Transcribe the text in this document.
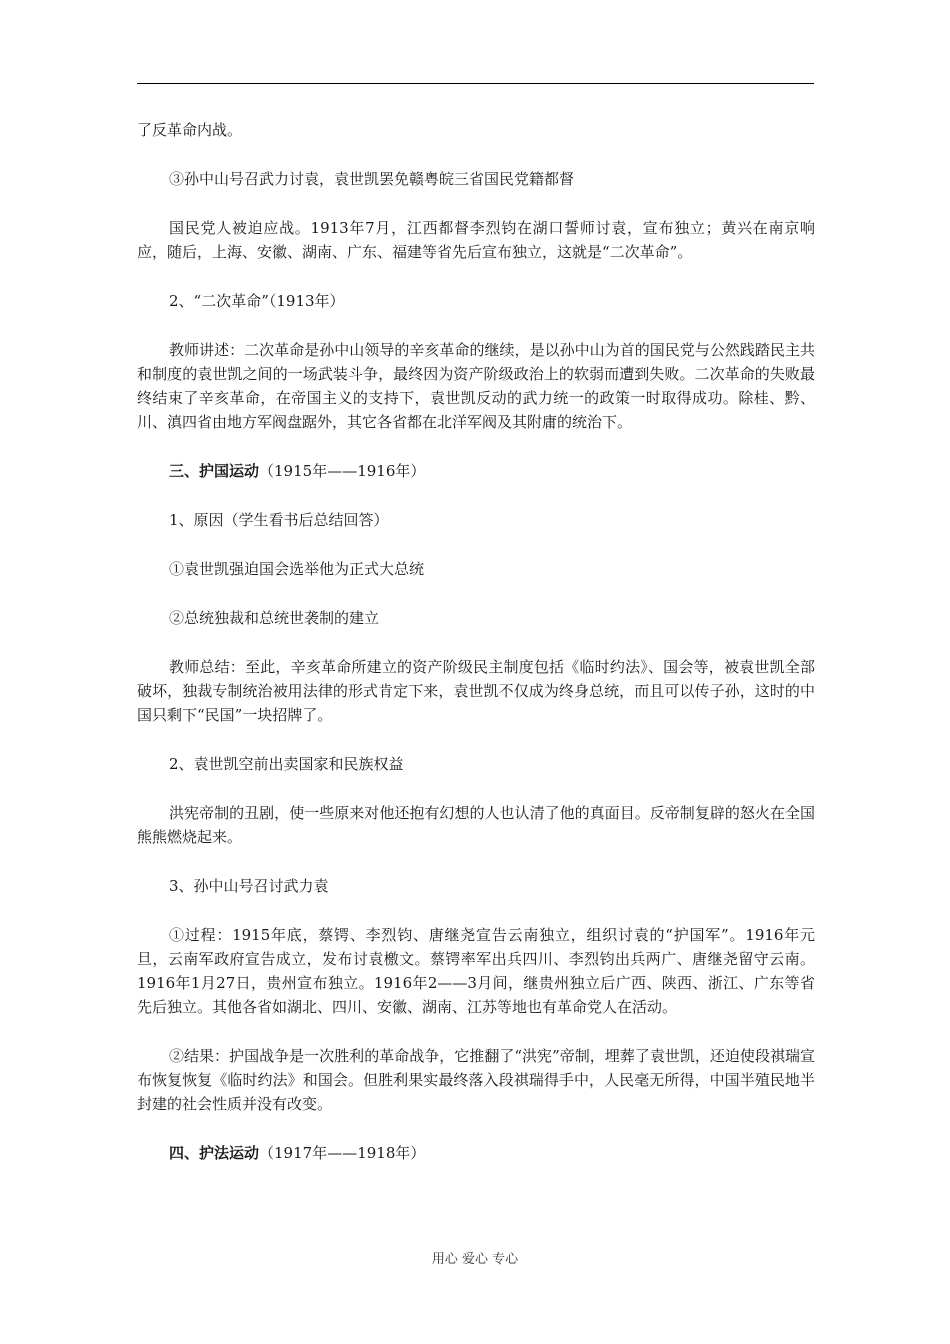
了反革命内战。

③孙中山号召武力讨袁，袁世凯罢免赣粤皖三省国民党籍都督

国民党人被迫应战。1913年7月，江西都督李烈钧在湖口誓师讨袁，宣布独立；黄兴在南京响应，随后，上海、安徽、湖南、广东、福建等省先后宣布独立，这就是“二次革命”。

2、“二次革命”（1913年）

教师讲述：二次革命是孙中山领导的辛亥革命的继续，是以孙中山为首的国民党与公然践踏民主共和制度的袁世凯之间的一场武装斗争，最终因为资产阶级政治上的软弱而遭到失败。二次革命的失败最终结束了辛亥革命，在帝国主义的支持下，袁世凯反动的武力统一的政策一时取得成功。除桂、黔、川、滇四省由地方军阀盘踞外，其它各省都在北洋军阀及其附庸的统治下。

三、护国运动（1915年——1916年）

1、原因（学生看书后总结回答）

①袁世凯强迫国会选举他为正式大总统

②总统独裁和总统世袭制的建立

教师总结：至此，辛亥革命所建立的资产阶级民主制度包括《临时约法》、国会等，被袁世凯全部破坏，独裁专制统治被用法律的形式肯定下来，袁世凯不仅成为终身总统，而且可以传子孙，这时的中国只剩下“民国”一块招牌了。

2、袁世凯空前出卖国家和民族权益

洪宪帝制的丑剧，使一些原来对他还抱有幻想的人也认清了他的真面目。反帝制复辟的怒火在全国熊熊燃烧起来。

3、孙中山号召讨武力袁

①过程：1915年底，蔡锷、李烈钧、唐继尧宣告云南独立，组织讨袁的“护国军”。1916年元旦，云南军政府宣告成立，发布讨袁檄文。蔡锷率军出兵四川、李烈钧出兵两广、唐继尧留守云南。1916年1月27日，贵州宣布独立。1916年2——3月间，继贵州独立后广西、陕西、浙江、广东等省先后独立。其他各省如湖北、四川、安徽、湖南、江苏等地也有革命党人在活动。

②结果：护国战争是一次胜利的革命战争，它推翻了“洪宪”帝制，埋葬了袁世凯，还迫使段祺瑞宣布恢复恢复《临时约法》和国会。但胜利果实最终落入段祺瑞得手中，人民毫无所得，中国半殖民地半封建的社会性质并没有改变。

四、护法运动（1917年——1918年）

用心 爱心 专心
